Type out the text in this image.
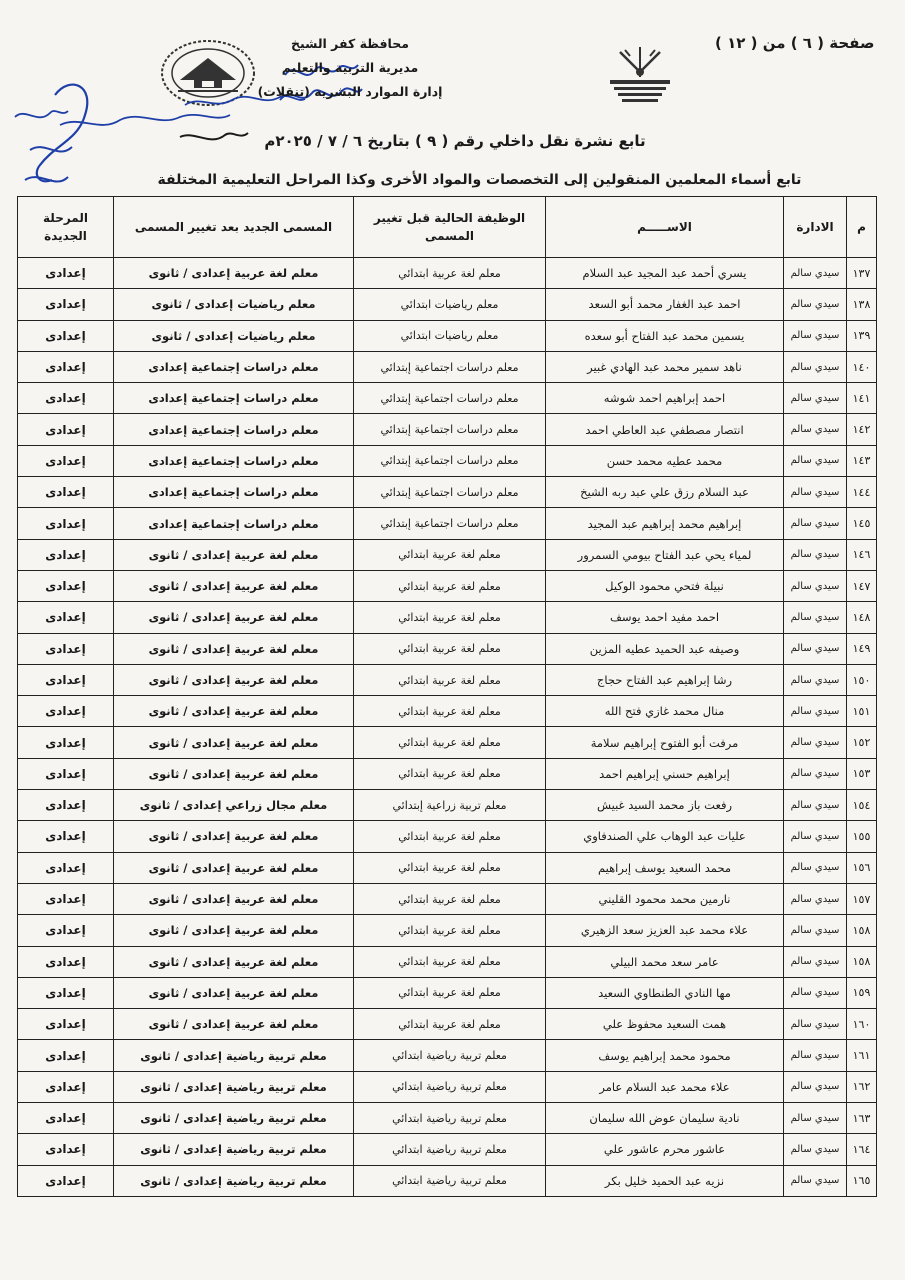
محافظة كفر الشيخ
مديرية التربية والتعليم
إدارة الموارد البشرية (تنقلات)
صفحة ( ٦ ) من ( ١٢ )
تابع نشرة نقل داخلي رقم ( ٩ ) بتاريخ ٦ / ٧ / ٢٠٢٥م
تابع أسماء المعلمين المنقولين إلى التخصصات والمواد الأخرى وكذا المراحل التعليمية المختلفة
م	الادارة	الاســـــم	الوظيفة الحالية قبل تغيير المسمى	المسمى الجديد بعد تغيير المسمى	المرحلة الجديدة
١٣٧	سيدي سالم	يسري أحمد عبد المجيد عبد السلام	معلم لغة عربية ابتدائي	معلم لغة عربية إعدادى / ثانوى	إعدادى
١٣٨	سيدي سالم	احمد عبد الغفار محمد أبو السعد	معلم رياضيات ابتدائي	معلم رياضيات إعدادى / ثانوى	إعدادى
١٣٩	سيدي سالم	يسمين محمد عبد الفتاح أبو سعده	معلم رياضيات ابتدائي	معلم رياضيات إعدادى / ثانوى	إعدادى
١٤٠	سيدي سالم	ناهد سمير محمد عبد الهادي غبير	معلم دراسات اجتماعية إبتدائي	معلم دراسات إجتماعية إعدادى	إعدادى
١٤١	سيدي سالم	احمد إبراهيم احمد شوشه	معلم دراسات اجتماعية إبتدائي	معلم دراسات إجتماعية إعدادى	إعدادى
١٤٢	سيدي سالم	انتصار مصطفي عبد العاطي احمد	معلم دراسات اجتماعية إبتدائي	معلم دراسات إجتماعية إعدادى	إعدادى
١٤٣	سيدي سالم	محمد عطيه محمد حسن	معلم دراسات اجتماعية إبتدائي	معلم دراسات إجتماعية إعدادى	إعدادى
١٤٤	سيدي سالم	عبد السلام رزق علي عبد ربه الشيخ	معلم دراسات اجتماعية إبتدائي	معلم دراسات إجتماعية إعدادى	إعدادى
١٤٥	سيدي سالم	إبراهيم محمد إبراهيم عبد المجيد	معلم دراسات اجتماعية إبتدائي	معلم دراسات إجتماعية إعدادى	إعدادى
١٤٦	سيدي سالم	لمياء يحي عبد الفتاح بيومي السمرور	معلم لغة عربية ابتدائي	معلم لغة عربية إعدادى / ثانوى	إعدادى
١٤٧	سيدي سالم	نبيلة فتحي محمود الوكيل	معلم لغة عربية ابتدائي	معلم لغة عربية إعدادى / ثانوى	إعدادى
١٤٨	سيدي سالم	احمد مفيد احمد يوسف	معلم لغة عربية ابتدائي	معلم لغة عربية إعدادى / ثانوى	إعدادى
١٤٩	سيدي سالم	وصيفه عبد الحميد عطيه المزين	معلم لغة عربية ابتدائي	معلم لغة عربية إعدادى / ثانوى	إعدادى
١٥٠	سيدي سالم	رشا إبراهيم عبد الفتاح حجاج	معلم لغة عربية ابتدائي	معلم لغة عربية إعدادى / ثانوى	إعدادى
١٥١	سيدي سالم	منال محمد غازي فتح الله	معلم لغة عربية ابتدائي	معلم لغة عربية إعدادى / ثانوى	إعدادى
١٥٢	سيدي سالم	مرفت أبو الفتوح إبراهيم سلامة	معلم لغة عربية ابتدائي	معلم لغة عربية إعدادى / ثانوى	إعدادى
١٥٣	سيدي سالم	إبراهيم حسني إبراهيم احمد	معلم لغة عربية ابتدائي	معلم لغة عربية إعدادى / ثانوى	إعدادى
١٥٤	سيدي سالم	رفعت باز محمد السيد غبيش	معلم تربية زراعية إبتدائي	معلم مجال زراعي إعدادى / ثانوى	إعدادى
١٥٥	سيدي سالم	عليات عبد الوهاب علي الصندفاوي	معلم لغة عربية ابتدائي	معلم لغة عربية إعدادى / ثانوى	إعدادى
١٥٦	سيدي سالم	محمد السعيد يوسف إبراهيم	معلم لغة عربية ابتدائي	معلم لغة عربية إعدادى / ثانوى	إعدادى
١٥٧	سيدي سالم	نارمين محمد محمود القليني	معلم لغة عربية ابتدائي	معلم لغة عربية إعدادى / ثانوى	إعدادى
١٥٨	سيدي سالم	علاء محمد عبد العزيز سعد الزهيري	معلم لغة عربية ابتدائي	معلم لغة عربية إعدادى / ثانوى	إعدادى
١٥٨	سيدي سالم	عامر سعد محمد البيلي	معلم لغة عربية ابتدائي	معلم لغة عربية إعدادى / ثانوى	إعدادى
١٥٩	سيدي سالم	مها النادي الطنطاوي السعيد	معلم لغة عربية ابتدائي	معلم لغة عربية إعدادى / ثانوى	إعدادى
١٦٠	سيدي سالم	همت السعيد محفوظ علي	معلم لغة عربية ابتدائي	معلم لغة عربية إعدادى / ثانوى	إعدادى
١٦١	سيدي سالم	محمود محمد إبراهيم يوسف	معلم تربية رياضية ابتدائي	معلم تربية رياضية إعدادى / ثانوى	إعدادى
١٦٢	سيدي سالم	علاء محمد عبد السلام عامر	معلم تربية رياضية ابتدائي	معلم تربية رياضية إعدادى / ثانوى	إعدادى
١٦٣	سيدي سالم	نادية سليمان عوض الله سليمان	معلم تربية رياضية ابتدائي	معلم تربية رياضية إعدادى / ثانوى	إعدادى
١٦٤	سيدي سالم	عاشور محرم عاشور علي	معلم تربية رياضية ابتدائي	معلم تربية رياضية إعدادى / ثانوى	إعدادى
١٦٥	سيدي سالم	نزيه عبد الحميد خليل بكر	معلم تربية رياضية ابتدائي	معلم تربية رياضية إعدادى / ثانوى	إعدادى
